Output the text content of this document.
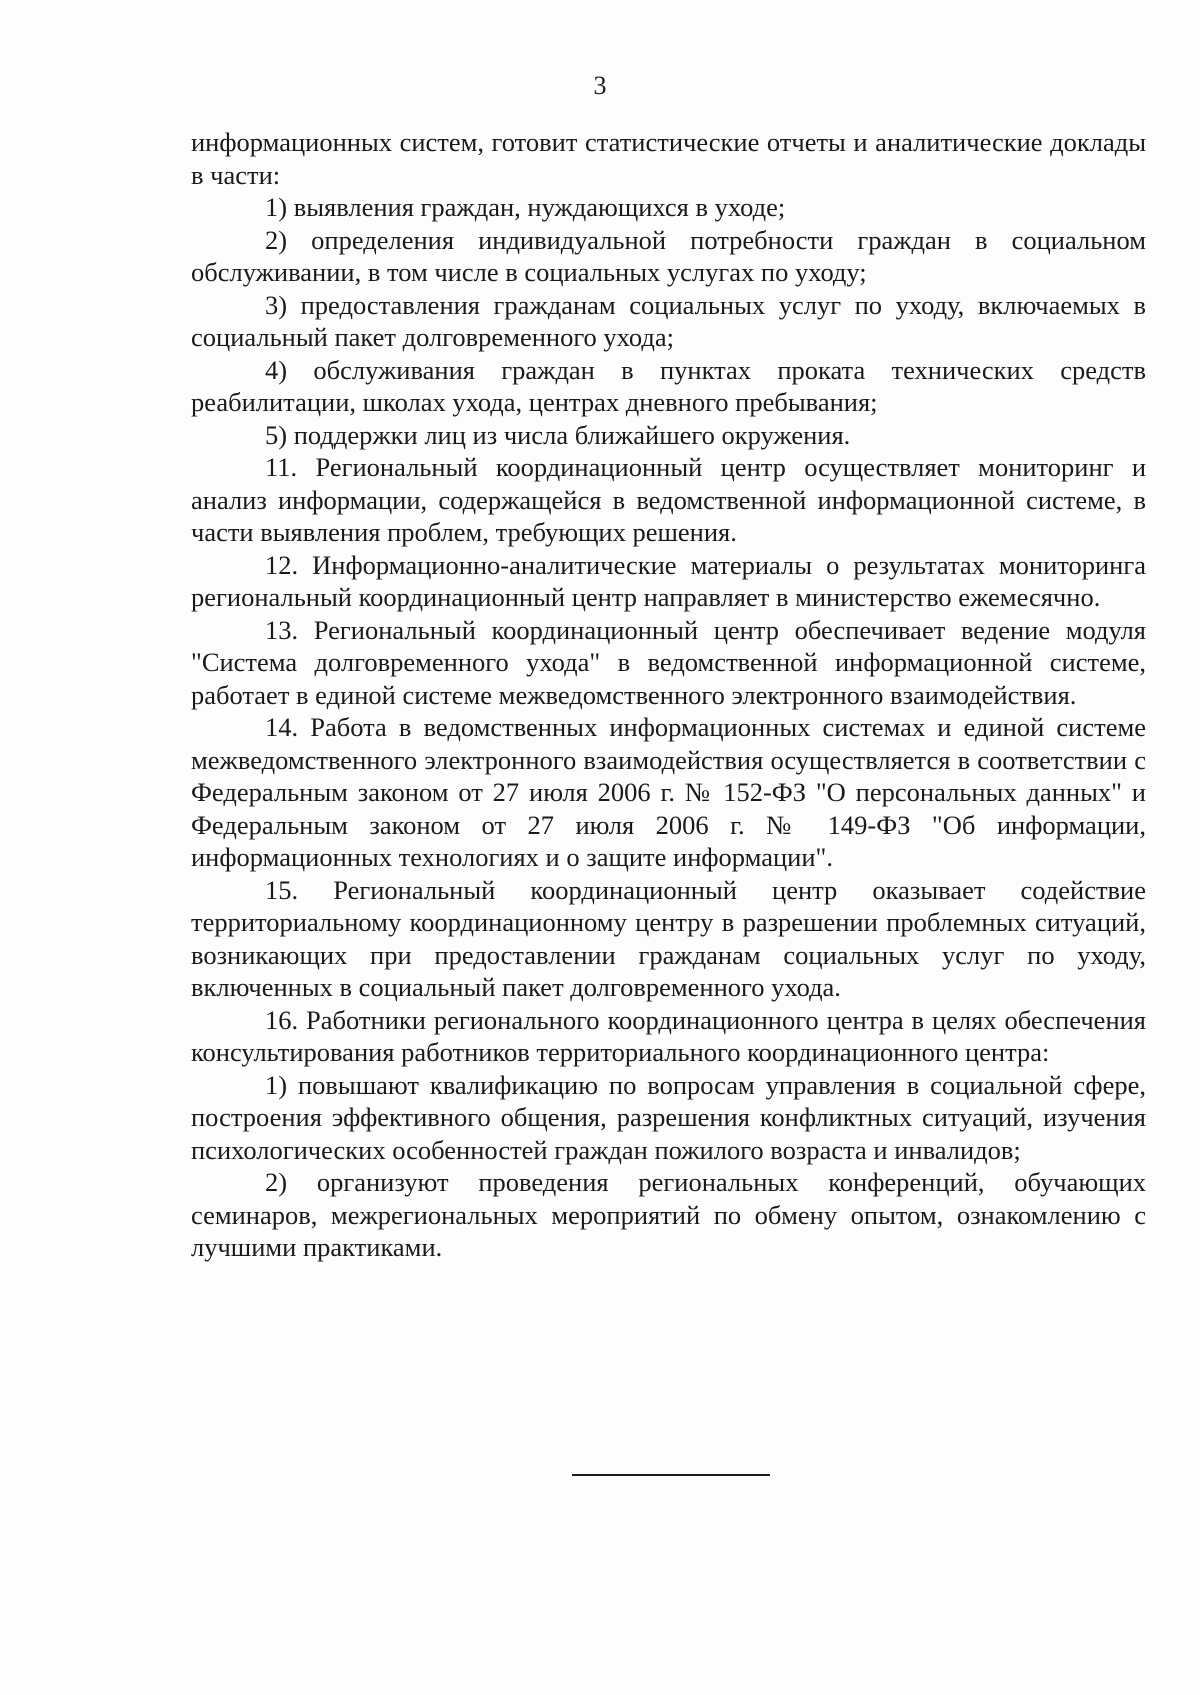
3

информационных систем, готовит статистические отчеты и аналитические доклады в части:

1) выявления граждан, нуждающихся в уходе;

2) определения индивидуальной потребности граждан в социальном обслуживании, в том числе в социальных услугах по уходу;

3) предоставления гражданам социальных услуг по уходу, включаемых в социальный пакет долговременного ухода;

4) обслуживания граждан в пунктах проката технических средств реабилитации, школах ухода, центрах дневного пребывания;

5) поддержки лиц из числа ближайшего окружения.

11. Региональный координационный центр осуществляет мониторинг и анализ информации, содержащейся в ведомственной информационной системе, в части выявления проблем, требующих решения.

12. Информационно-аналитические материалы о результатах мониторинга региональный координационный центр направляет в министерство ежемесячно.

13. Региональный координационный центр обеспечивает ведение модуля "Система долговременного ухода" в ведомственной информационной системе, работает в единой системе межведомственного электронного взаимодействия.

14. Работа в ведомственных информационных системах и единой системе межведомственного электронного взаимодействия осуществляется в соответствии с Федеральным законом от 27 июля 2006 г. № 152-ФЗ "О персональных данных" и Федеральным законом от 27 июля 2006 г. № 149-ФЗ "Об информации, информационных технологиях и о защите информации".

15. Региональный координационный центр оказывает содействие территориальному координационному центру в разрешении проблемных ситуаций, возникающих при предоставлении гражданам социальных услуг по уходу, включенных в социальный пакет долговременного ухода.

16. Работники регионального координационного центра в целях обеспечения консультирования работников территориального координационного центра:

1) повышают квалификацию по вопросам управления в социальной сфере, построения эффективного общения, разрешения конфликтных ситуаций, изучения психологических особенностей граждан пожилого возраста и инвалидов;

2) организуют проведения региональных конференций, обучающих семинаров, межрегиональных мероприятий по обмену опытом, ознакомлению с лучшими практиками.
